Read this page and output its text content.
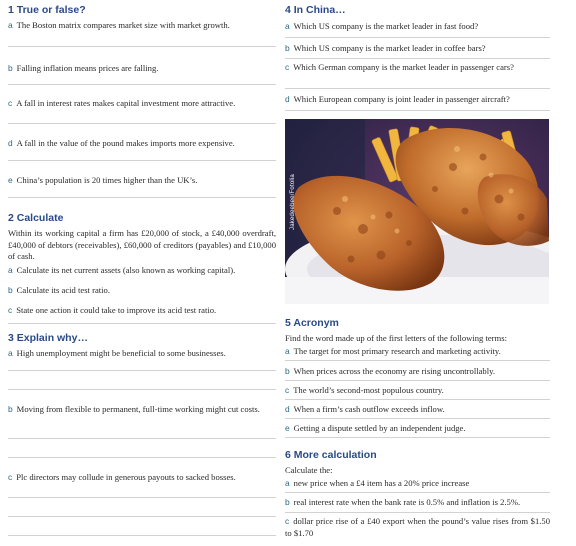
1 True or false?
a The Boston matrix compares market size with market growth.
b Falling inflation means prices are falling.
c A fall in interest rates makes capital investment more attractive.
d A fall in the value of the pound makes imports more expensive.
e China’s population is 20 times higher than the UK’s.
2 Calculate
Within its working capital a firm has £20,000 of stock, a £40,000 overdraft, £40,000 of debtors (receivables), £60,000 of creditors (payables) and £10,000 of cash.
a Calculate its net current assets (also known as working capital).
b Calculate its acid test ratio.
c State one action it could take to improve its acid test ratio.
3 Explain why…
a High unemployment might be beneficial to some businesses.
b Moving from flexible to permanent, full-time working might cut costs.
c Plc directors may collude in generous payouts to sacked bosses.
4 In China…
a Which US company is the market leader in fast food?
b Which US company is the market leader in coffee bars?
c Which German company is the market leader in passenger cars?
d Which European company is joint leader in passenger aircraft?
5 Acronym
Find the word made up of the first letters of the following terms:
a The target for most primary research and marketing activity.
b When prices across the economy are rising uncontrollably.
c The world’s second-most populous country.
d When a firm’s cash outflow exceeds inflow.
e Getting a dispute settled by an independent judge.
6 More calculation
Calculate the:
a new price when a £4 item has a 20% price increase
b real interest rate when the bank rate is 0.5% and inflation is 2.5%.
c dollar price rise of a £40 export when the pound’s value rises from $1.50 to $1.70
Jakedeebee/Fotolia
